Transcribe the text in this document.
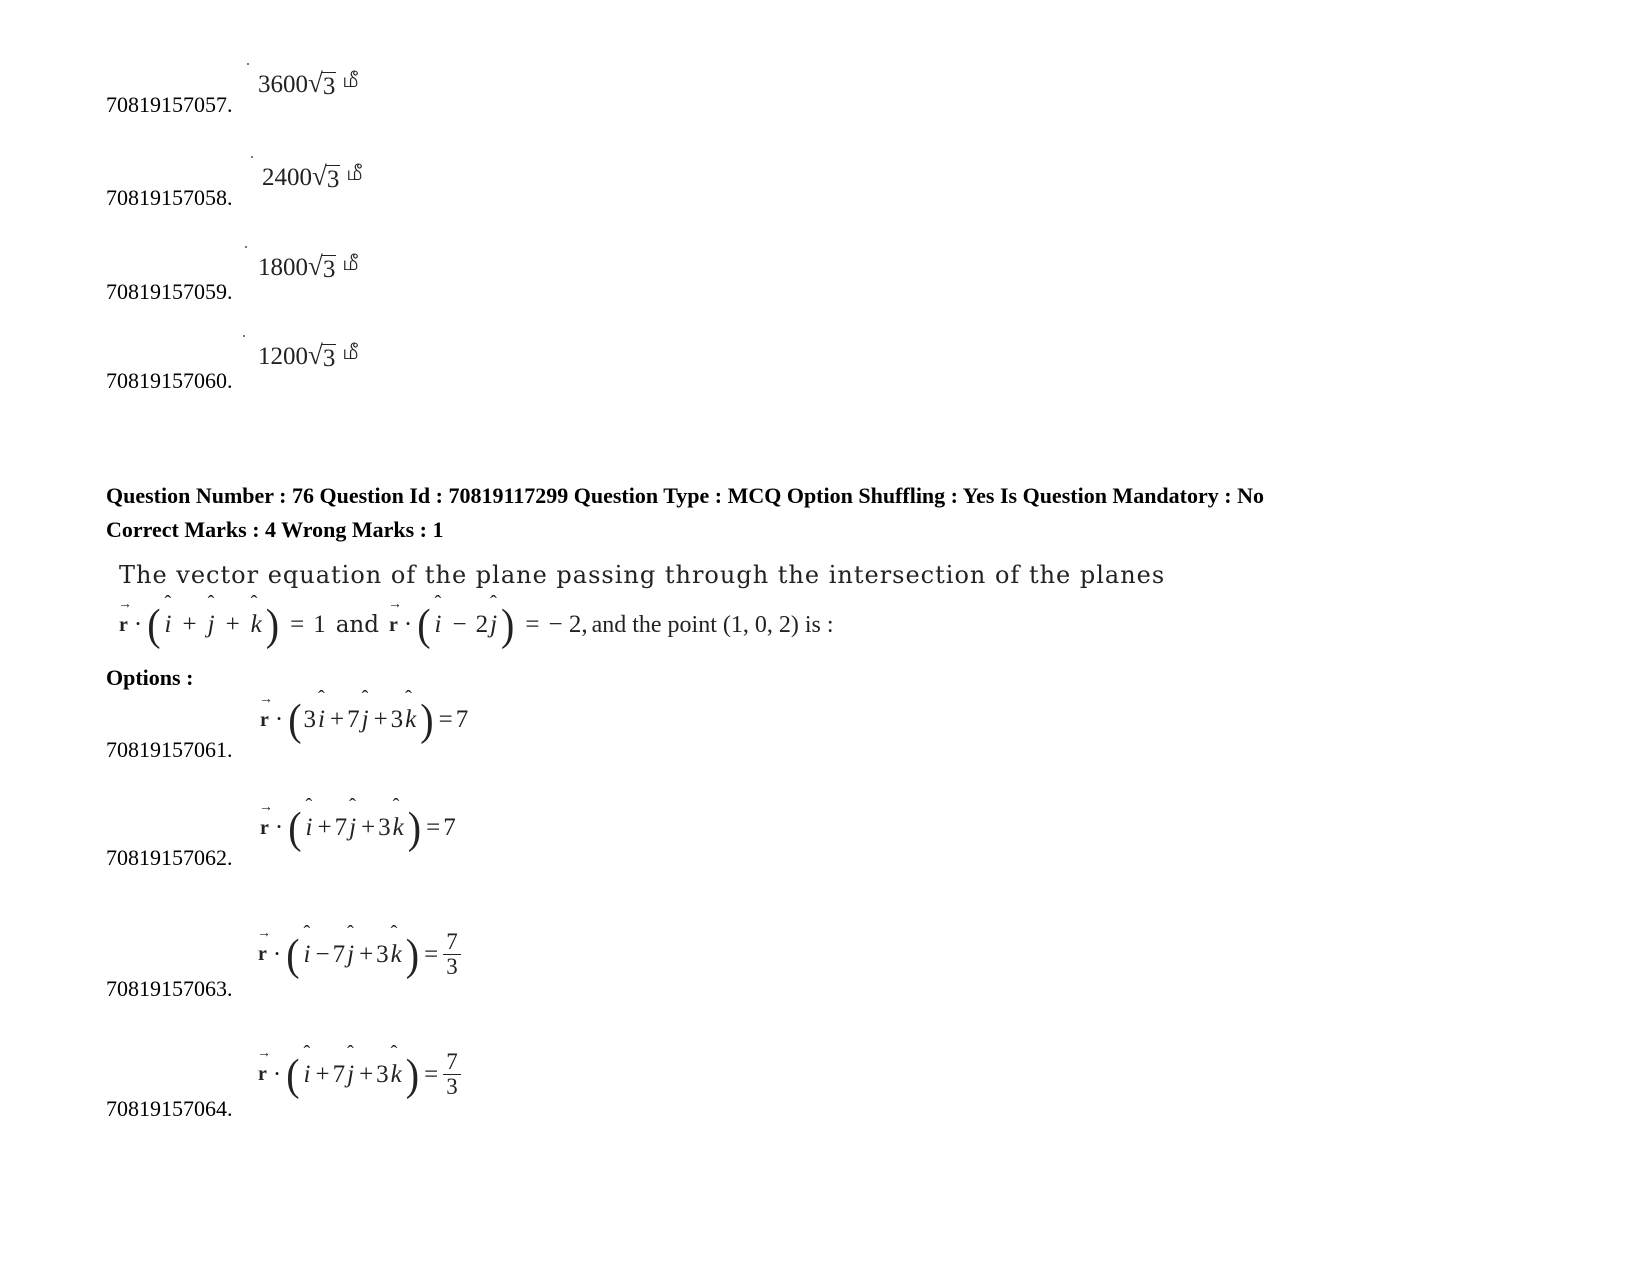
70819157057.
3600 √ 3 மீ
70819157058.
2400 √ 3 மீ
70819157059.
1800 √ 3 மீ
70819157060.
1200 √ 3 மீ
Question Number : 76 Question Id : 70819117299 Question Type : MCQ Option Shuffling : Yes Is Question Mandatory : No
Correct Marks : 4 Wrong Marks : 1
The vector equation of the plane passing through the intersection of the planes
→ r · ( ˆ i + ˆ j + ˆ k ) = 1 and → r · ( ˆ i − 2 ˆ j ) = − 2, and the point (1, 0, 2) is :
Options :
70819157061.
→ r · ( 3 ˆ i + 7 ˆ j + 3 ˆ k ) = 7
70819157062.
→ r · ( ˆ i + 7 ˆ j + 3 ˆ k ) = 7
70819157063.
→ r · ( ˆ i − 7 ˆ j + 3 ˆ k ) = $\frac{7}{3}$
70819157064.
→ r · ( ˆ i + 7 ˆ j + 3 ˆ k ) = $\frac{7}{3}$
